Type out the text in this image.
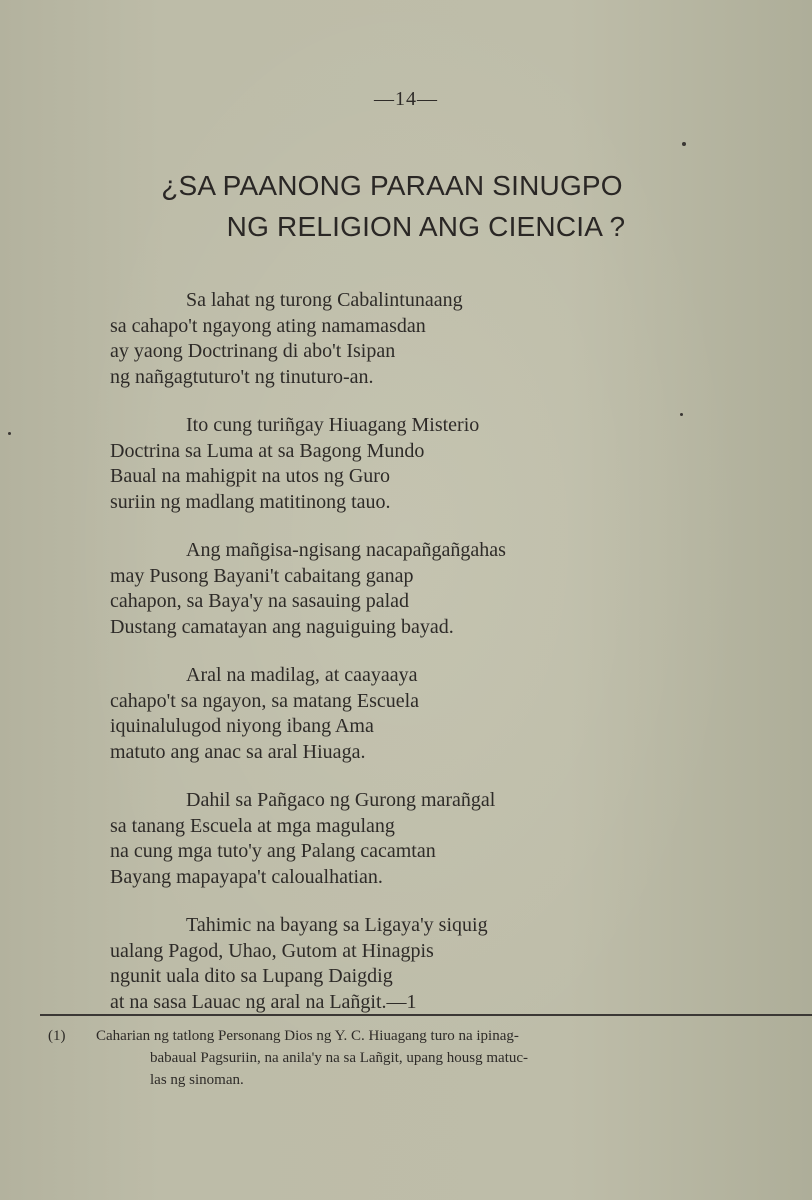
—14—
¿SA PAANONG PARAAN SINUGPO
NG RELIGION ANG CIENCIA ?
Sa lahat ng turong Cabalintunaang
sa cahapo't ngayong ating namamasdan
ay yaong Doctrinang di abo't Isipan
ng nañgagtuturo't ng tinuturo-an.
Ito cung turiñgay Hiuagang Misterio
Doctrina sa Luma at sa Bagong Mundo
Baual na mahigpit na utos ng Guro
suriin ng madlang matitinong tauo.
Ang mañgisa-ngisang nacapañgañgahas
may Pusong Bayani't cabaitang ganap
cahapon, sa Baya'y na sasauing palad
Dustang camatayan ang naguiguing bayad.
Aral na madilag, at caayaaya
cahapo't sa ngayon, sa matang Escuela
iquinalulugod niyong ibang Ama
matuto ang anac sa aral Hiuaga.
Dahil sa Pañgaco ng Gurong marañgal
sa tanang Escuela at mga magulang
na cung mga tuto'y ang Palang cacamtan
Bayang mapayapa't caloualhatian.
Tahimic na bayang sa Ligaya'y siquig
ualang Pagod, Uhao, Gutom at Hinagpis
ngunit uala dito sa Lupang Daigdig
at na sasa Lauac ng aral na Lañgit.—1
(1)	Caharian ng tatlong Personang Dios ng Y. C. Hiuagang turo na ipinag-
babaual Pagsuriin, na anila'y na sa Lañgit, upang housg matuc-
las ng sinoman.
